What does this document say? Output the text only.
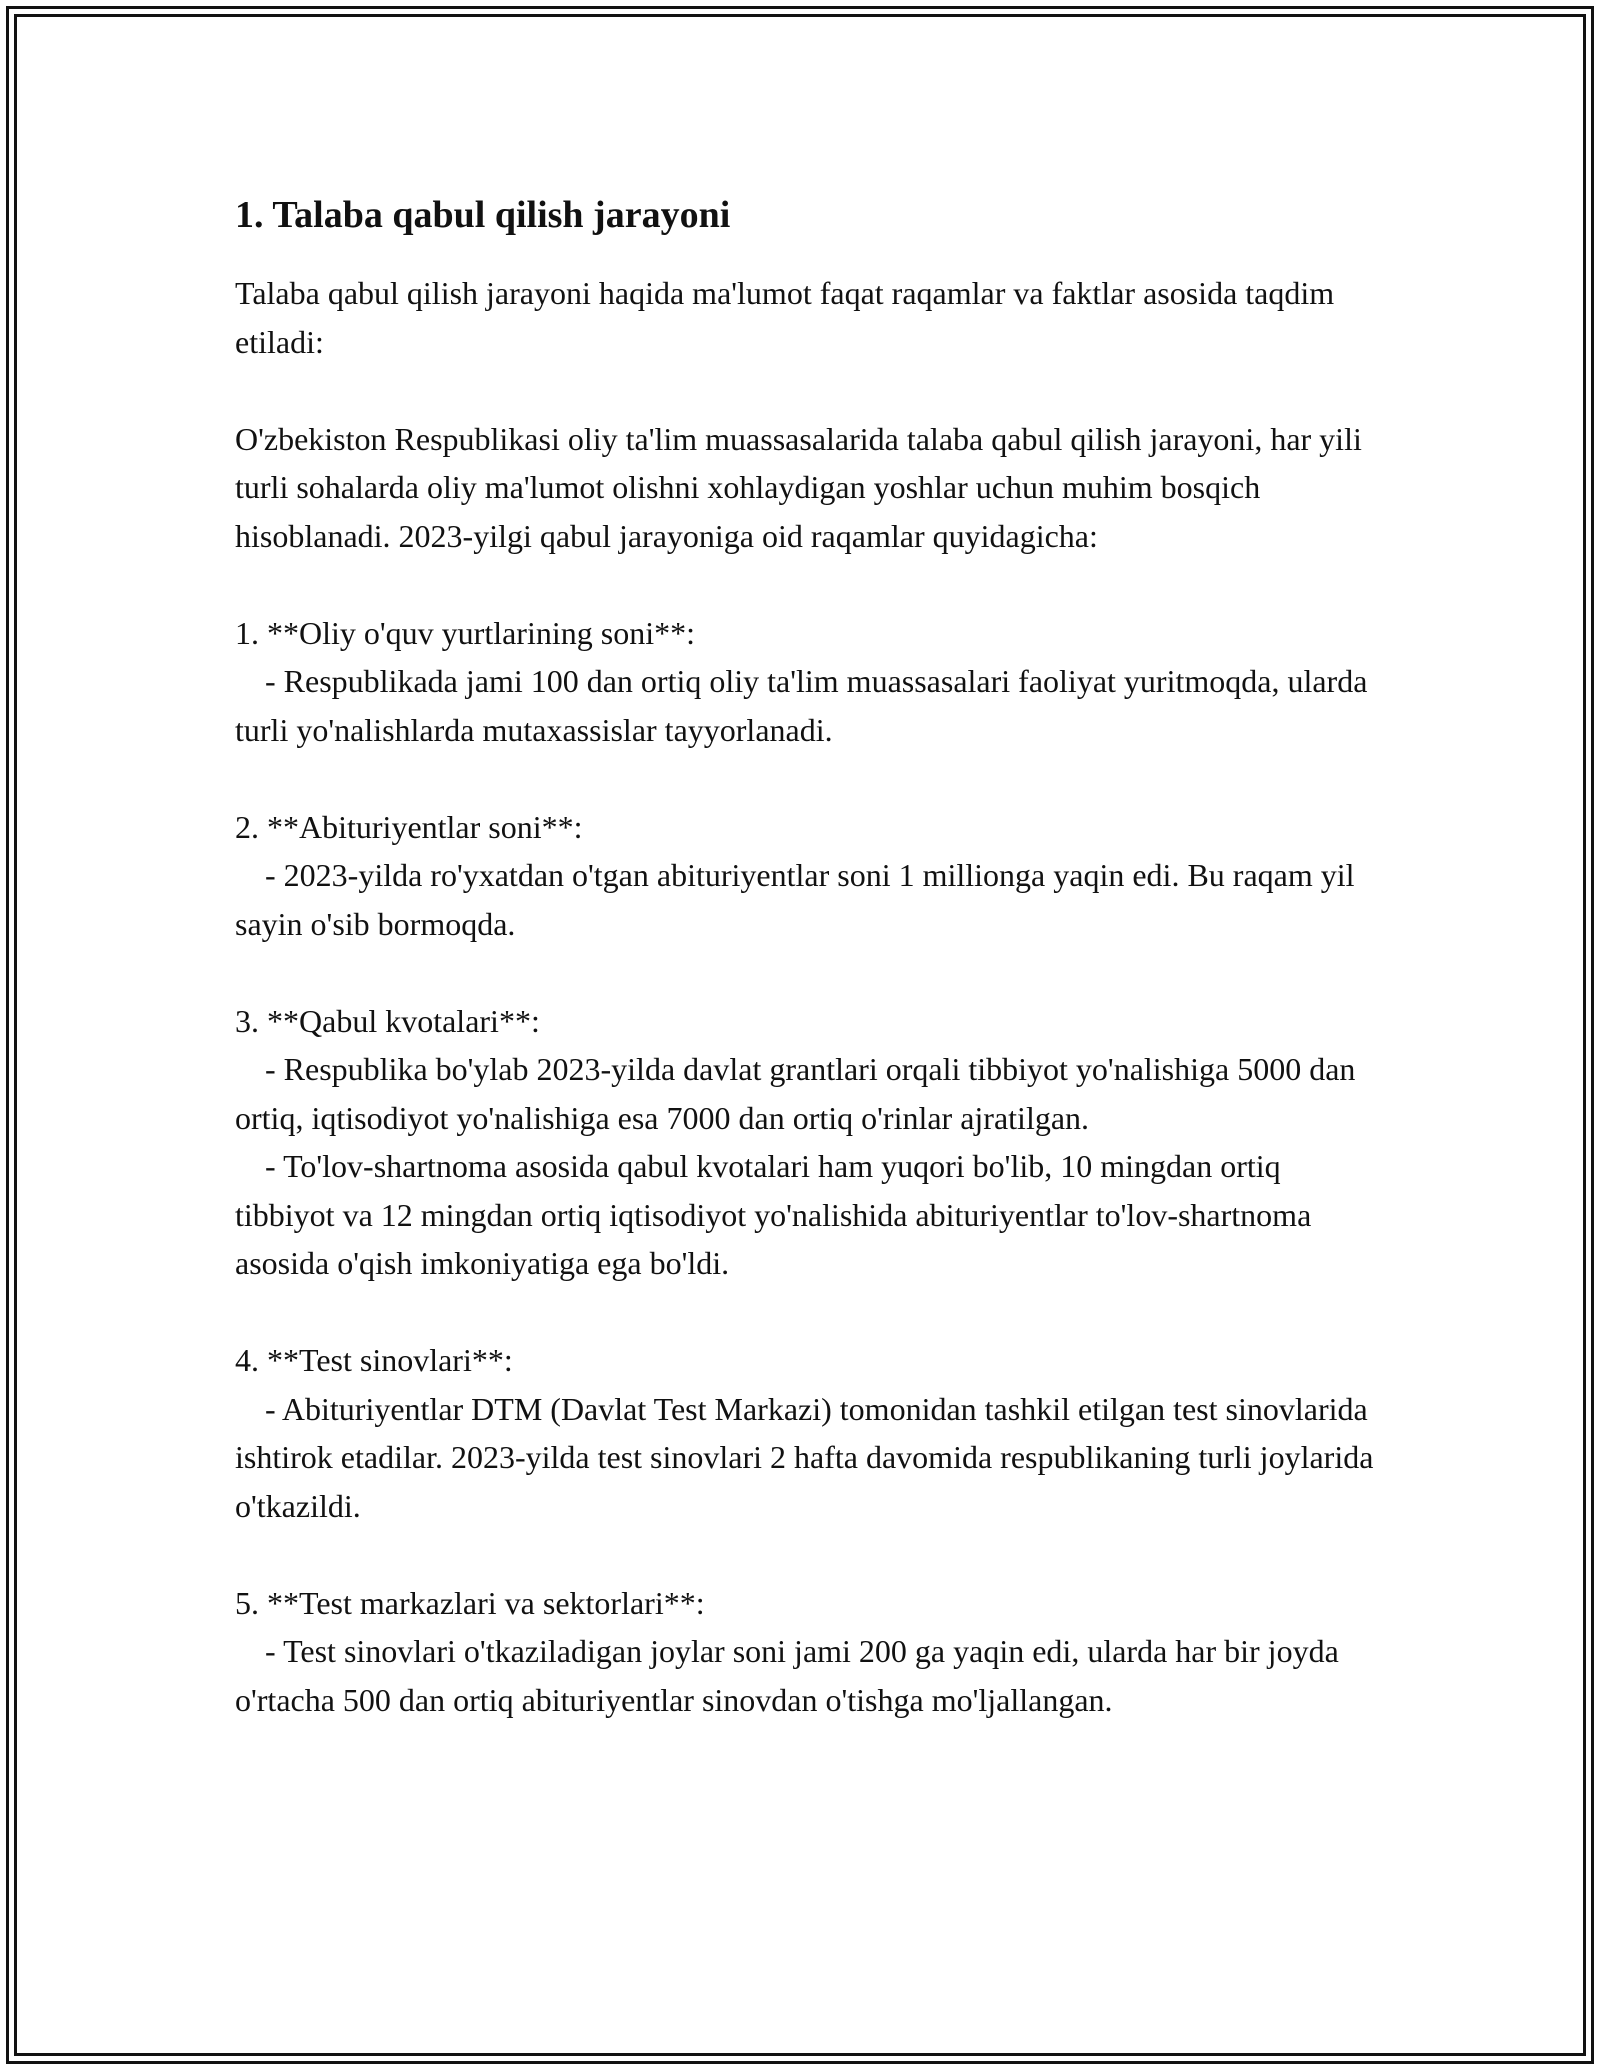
1. Talaba qabul qilish jarayoni

Talaba qabul qilish jarayoni haqida ma'lumot faqat raqamlar va faktlar asosida taqdim etiladi:

O'zbekiston Respublikasi oliy ta'lim muassasalarida talaba qabul qilish jarayoni, har yili turli sohalarda oliy ma'lumot olishni xohlaydigan yoshlar uchun muhim bosqich hisoblanadi. 2023-yilgi qabul jarayoniga oid raqamlar quyidagicha:

1. **Oliy o'quv yurtlarining soni**:
- Respublikada jami 100 dan ortiq oliy ta'lim muassasalari faoliyat yuritmoqda, ularda turli yo'nalishlarda mutaxassislar tayyorlanadi.
2. **Abituriyentlar soni**:
- 2023-yilda ro'yxatdan o'tgan abituriyentlar soni 1 millionga yaqin edi. Bu raqam yil sayin o'sib bormoqda.
3. **Qabul kvotalari**:
- Respublika bo'ylab 2023-yilda davlat grantlari orqali tibbiyot yo'nalishiga 5000 dan ortiq, iqtisodiyot yo'nalishiga esa 7000 dan ortiq o'rinlar ajratilgan.
- To'lov-shartnoma asosida qabul kvotalari ham yuqori bo'lib, 10 mingdan ortiq tibbiyot va 12 mingdan ortiq iqtisodiyot yo'nalishida abituriyentlar to'lov-shartnoma asosida o'qish imkoniyatiga ega bo'ldi.
4. **Test sinovlari**:
- Abituriyentlar DTM (Davlat Test Markazi) tomonidan tashkil etilgan test sinovlarida ishtirok etadilar. 2023-yilda test sinovlari 2 hafta davomida respublikaning turli joylarida o'tkazildi.
5. **Test markazlari va sektorlari**:
- Test sinovlari o'tkaziladigan joylar soni jami 200 ga yaqin edi, ularda har bir joyda o'rtacha 500 dan ortiq abituriyentlar sinovdan o'tishga mo'ljallangan.
